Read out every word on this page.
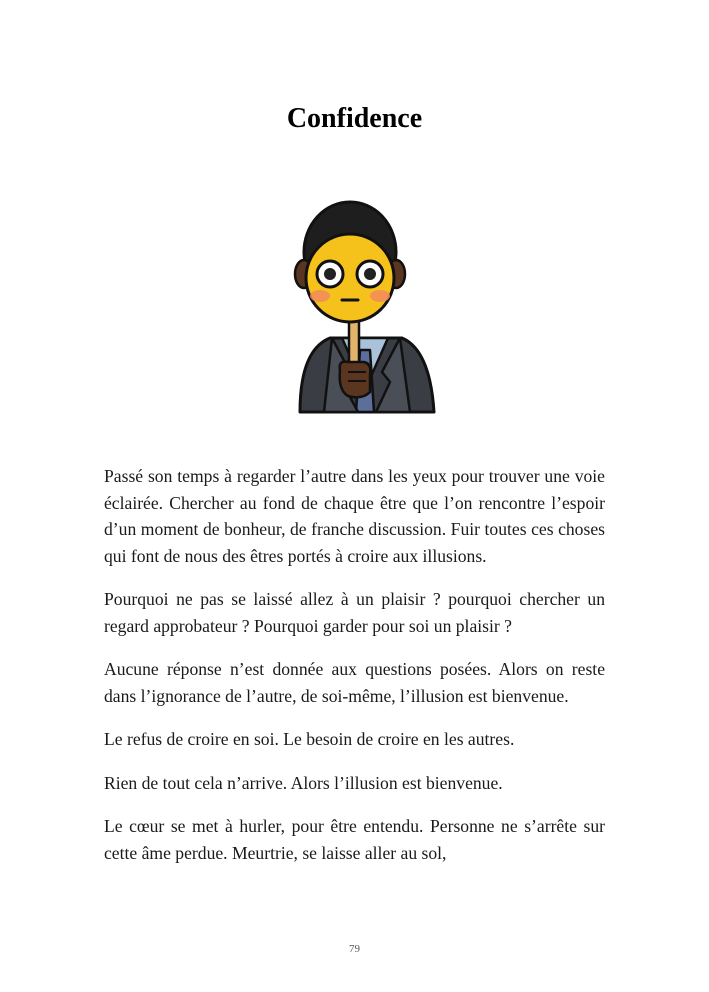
Confidence

Passé son temps à regarder l’autre dans les yeux pour trouver une voie éclairée. Chercher au fond de chaque être que l’on rencontre l’espoir d’un moment de bonheur, de franche discussion. Fuir toutes ces choses qui font de nous des êtres portés à croire aux illusions.

Pourquoi ne pas se laissé allez à un plaisir ? pourquoi chercher un regard approbateur ? Pourquoi garder pour soi un plaisir ?

Aucune réponse n’est donnée aux questions posées. Alors on reste dans l’ignorance de l’autre, de soi-même, l’illusion est bienvenue.

Le refus de croire en soi. Le besoin de croire en les autres.

Rien de tout cela n’arrive. Alors l’illusion est bienvenue.

Le cœur se met à hurler, pour être entendu. Personne ne s’arrête sur cette âme perdue. Meurtrie, se laisse aller au sol,

79
